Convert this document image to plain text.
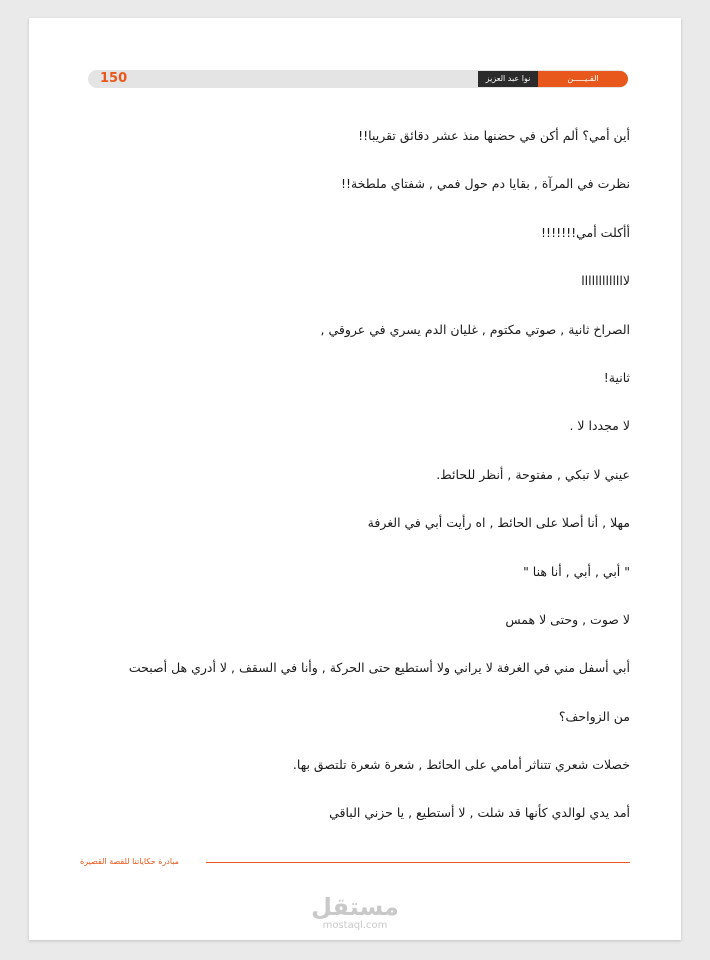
150	نوا عبد العزيز	القـيـــــن
أين أمي؟ ألم أكن في حضنها منذ عشر دقائق تقريبا!!
نظرت في المرآة , بقايا دم حول فمي , شفتاي ملطخة!!
أأكلت أمي!!!!!!!
لااااااااااااا
الصراخ ثانية , صوتي مكتوم , غليان الدم يسري في عروقي ,
ثانية!
لا مجددا لا .
عيني لا تبكي , مفتوحة , أنظر للحائط.
مهلا , أنا أصلا على الحائط , اه رأيت أبي في الغرفة
" أبي , أبي , أنا هنا "
لا صوت , وحتى لا همس
أبي أسفل مني في الغرفة لا يراني ولا أستطيع حتى الحركة , وأنا في السقف , لا أدري هل أصبحت
من الزواحف؟
خصلات شعري تتناثر أمامي على الحائط , شعرة شعرة تلتصق بها.
أمد يدي لوالدي كأنها قد شلت , لا أستطيع , يا حزني الباقي
مبادرة حكاياتنا للقصة القصيرة
مستقل
mostaql.com
